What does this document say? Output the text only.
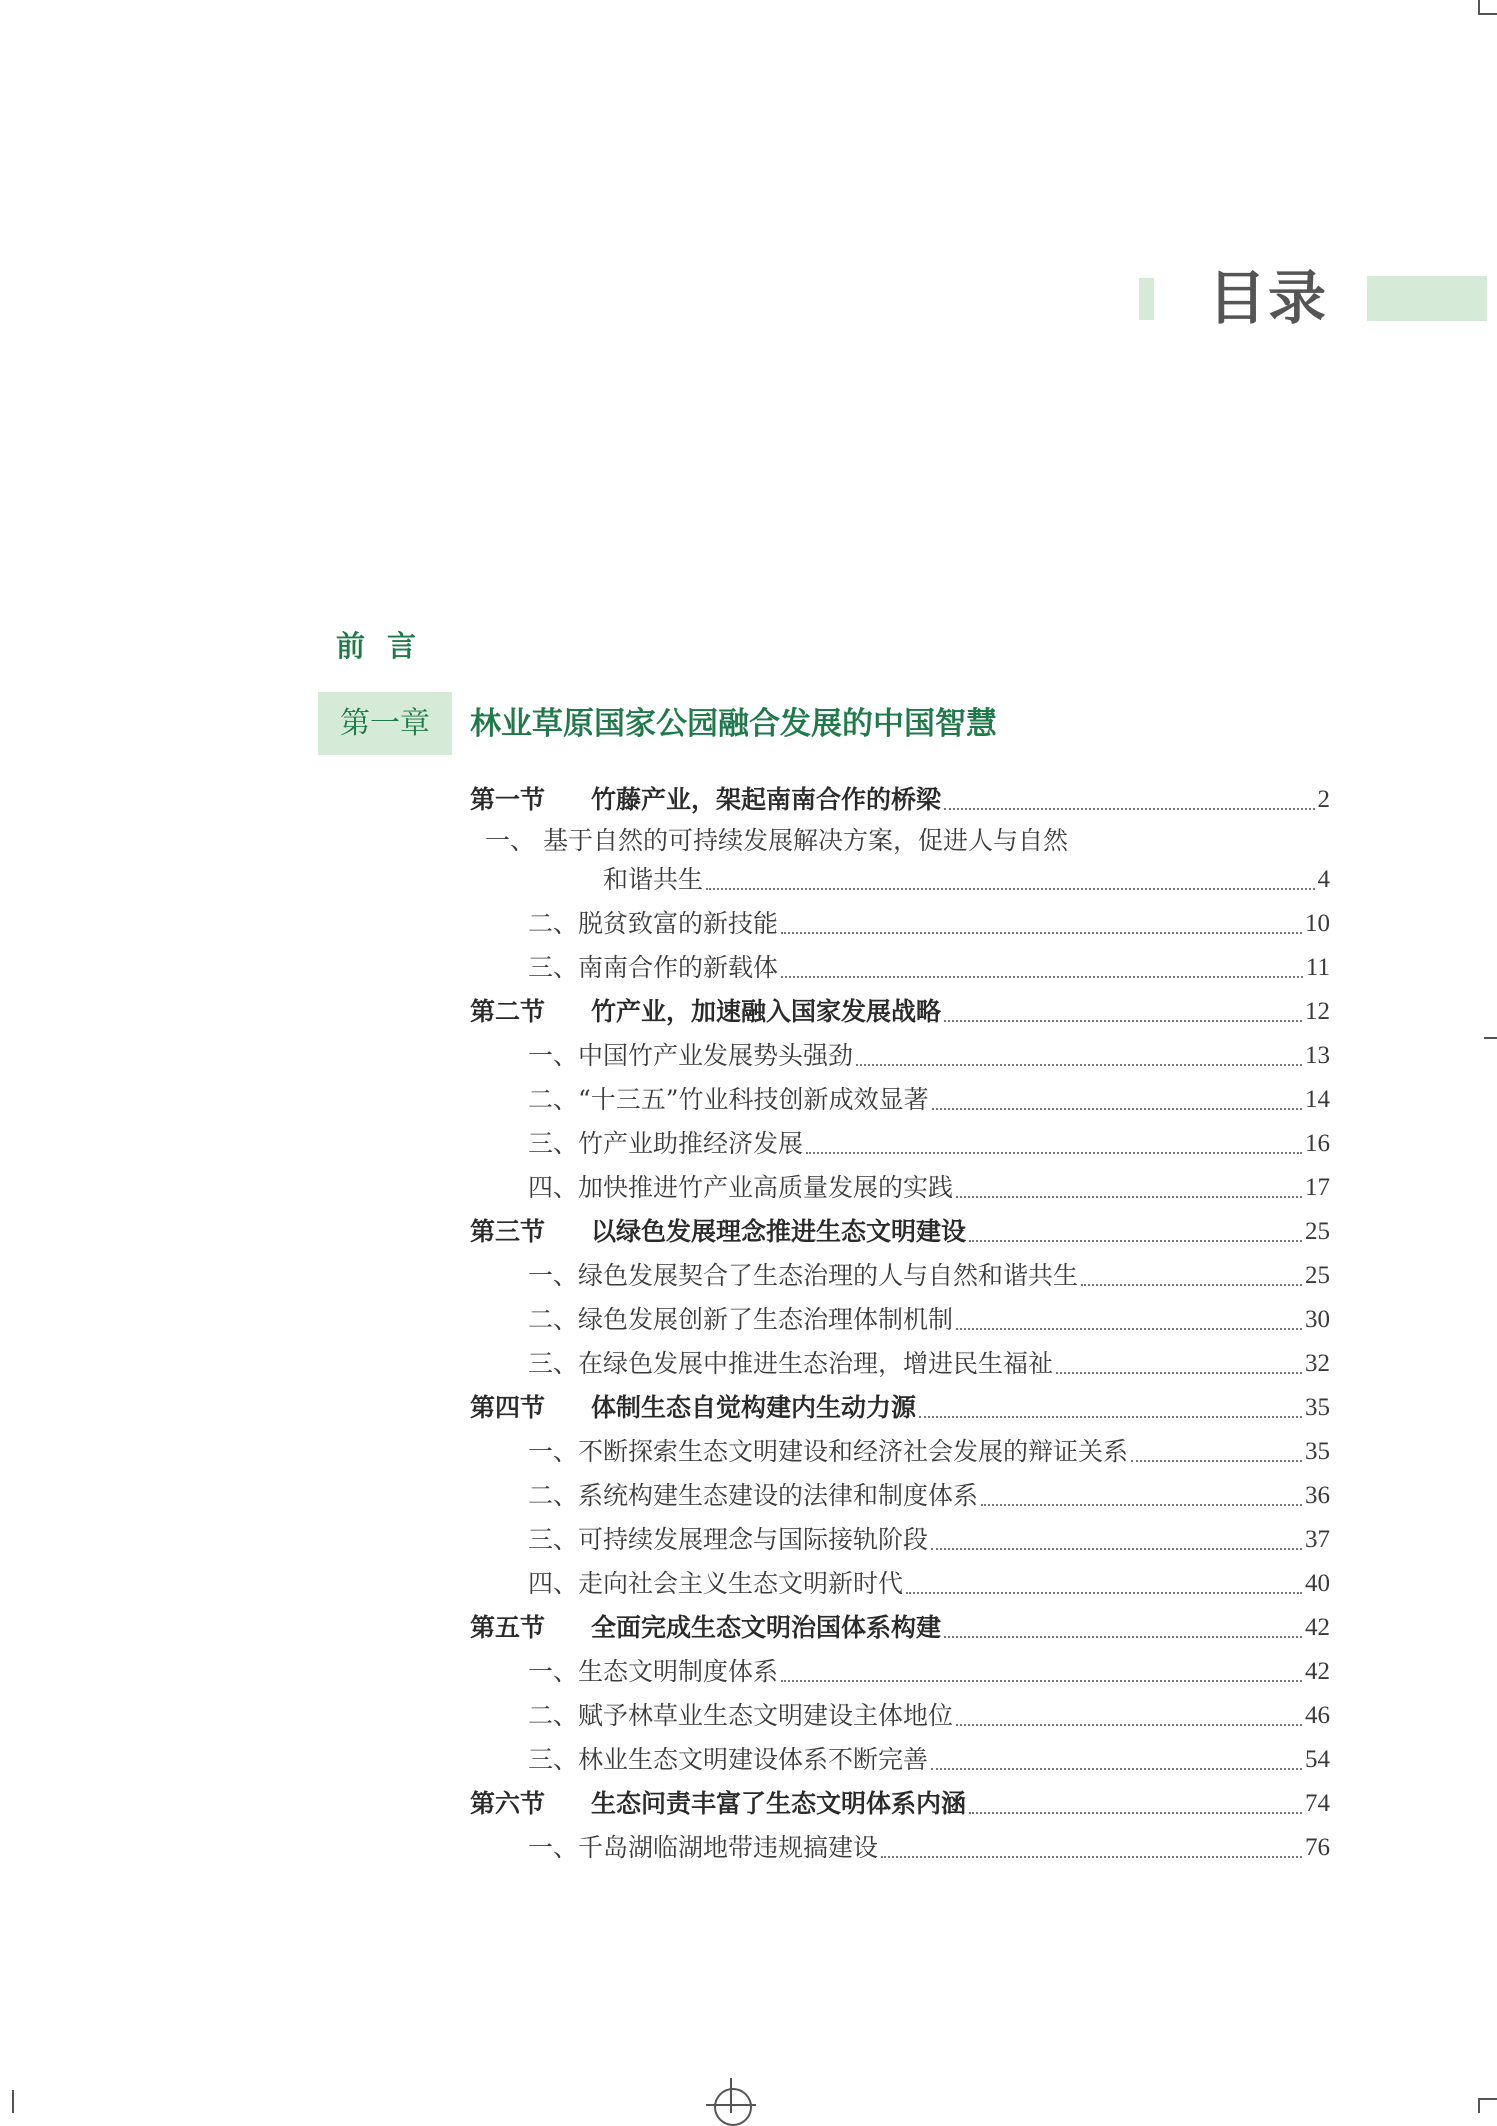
目录
前言
第一章	林业草原国家公园融合发展的中国智慧
第一节	竹藤产业，架起南南合作的桥梁	2
一、 基于自然的可持续发展解决方案，促进人与自然
和谐共生	4
二、脱贫致富的新技能	10
三、南南合作的新载体	11
第二节	竹产业，加速融入国家发展战略	12
一、中国竹产业发展势头强劲	13
二、“十三五”竹业科技创新成效显著	14
三、竹产业助推经济发展	16
四、加快推进竹产业高质量发展的实践	17
第三节	以绿色发展理念推进生态文明建设	25
一、绿色发展契合了生态治理的人与自然和谐共生	25
二、绿色发展创新了生态治理体制机制	30
三、在绿色发展中推进生态治理，增进民生福祉	32
第四节	体制生态自觉构建内生动力源	35
一、不断探索生态文明建设和经济社会发展的辩证关系	35
二、系统构建生态建设的法律和制度体系	36
三、可持续发展理念与国际接轨阶段	37
四、走向社会主义生态文明新时代	40
第五节	全面完成生态文明治国体系构建	42
一、生态文明制度体系	42
二、赋予林草业生态文明建设主体地位	46
三、林业生态文明建设体系不断完善	54
第六节	生态问责丰富了生态文明体系内涵	74
一、千岛湖临湖地带违规搞建设	76
